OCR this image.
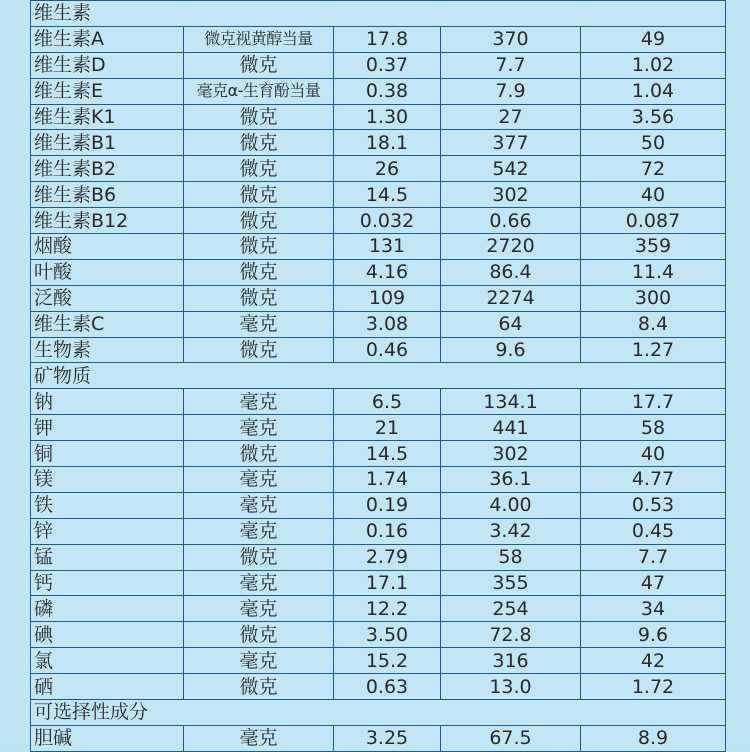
维生素				
维生素A	微克视黄醇当量	17.8	370	49
维生素D	微克	0.37	7.7	1.02
维生素E	毫克α-生育酚当量	0.38	7.9	1.04
维生素K1	微克	1.30	27	3.56
维生素B1	微克	18.1	377	50
维生素B2	微克	26	542	72
维生素B6	微克	14.5	302	40
维生素B12	微克	0.032	0.66	0.087
烟酸	微克	131	2720	359
叶酸	微克	4.16	86.4	11.4
泛酸	微克	109	2274	300
维生素C	毫克	3.08	64	8.4
生物素	微克	0.46	9.6	1.27
矿物质				
钠	毫克	6.5	134.1	17.7
钾	毫克	21	441	58
铜	微克	14.5	302	40
镁	毫克	1.74	36.1	4.77
铁	毫克	0.19	4.00	0.53
锌	毫克	0.16	3.42	0.45
锰	微克	2.79	58	7.7
钙	毫克	17.1	355	47
磷	毫克	12.2	254	34
碘	微克	3.50	72.8	9.6
氯	毫克	15.2	316	42
硒	微克	0.63	13.0	1.72
可选择性成分				
胆碱	毫克	3.25	67.5	8.9
